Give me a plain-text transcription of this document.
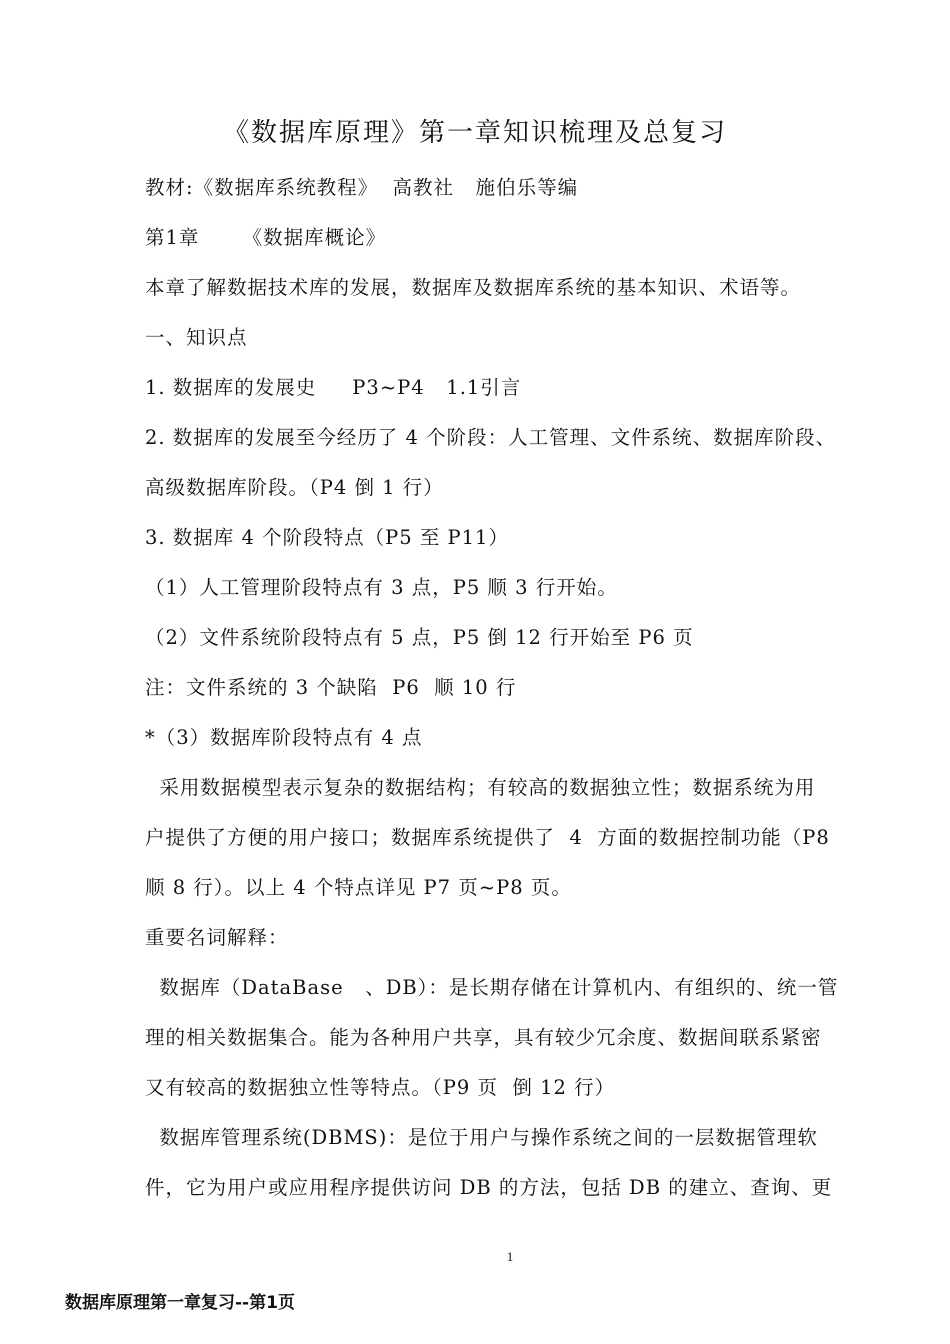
《数据库原理》第一章知识梳理及总复习
教材:《数据库系统教程》  高教社   施伯乐等编
第1章      《数据库概论》
本章了解数据技术库的发展，数据库及数据库系统的基本知识、术语等。
一、知识点
1. 数据库的发展史     P3~P4   1.1引言
2. 数据库的发展至今经历了 4 个阶段：人工管理、文件系统、数据库阶段、
高级数据库阶段。（P4 倒 1 行）
3. 数据库 4 个阶段特点（P5 至 P11）
（1）人工管理阶段特点有 3 点，P5 顺 3 行开始。
（2）文件系统阶段特点有 5 点，P5 倒 12 行开始至 P6 页
注：文件系统的 3 个缺陷  P6  顺 10 行
*（3）数据库阶段特点有 4 点
采用数据模型表示复杂的数据结构；有较高的数据独立性；数据系统为用
户提供了方便的用户接口；数据库系统提供了  4  方面的数据控制功能（P8
顺 8 行）。以上 4 个特点详见 P7 页~P8 页。
重要名词解释：
数据库（DataBase   、DB）：是长期存储在计算机内、有组织的、统一管
理的相关数据集合。能为各种用户共享，具有较少冗余度、数据间联系紧密
又有较高的数据独立性等特点。（P9 页  倒 12 行）
数据库管理系统(DBMS)：是位于用户与操作系统之间的一层数据管理软
件，它为用户或应用程序提供访问 DB 的方法，包括 DB 的建立、查询、更
1
数据库原理第一章复习--第1页
